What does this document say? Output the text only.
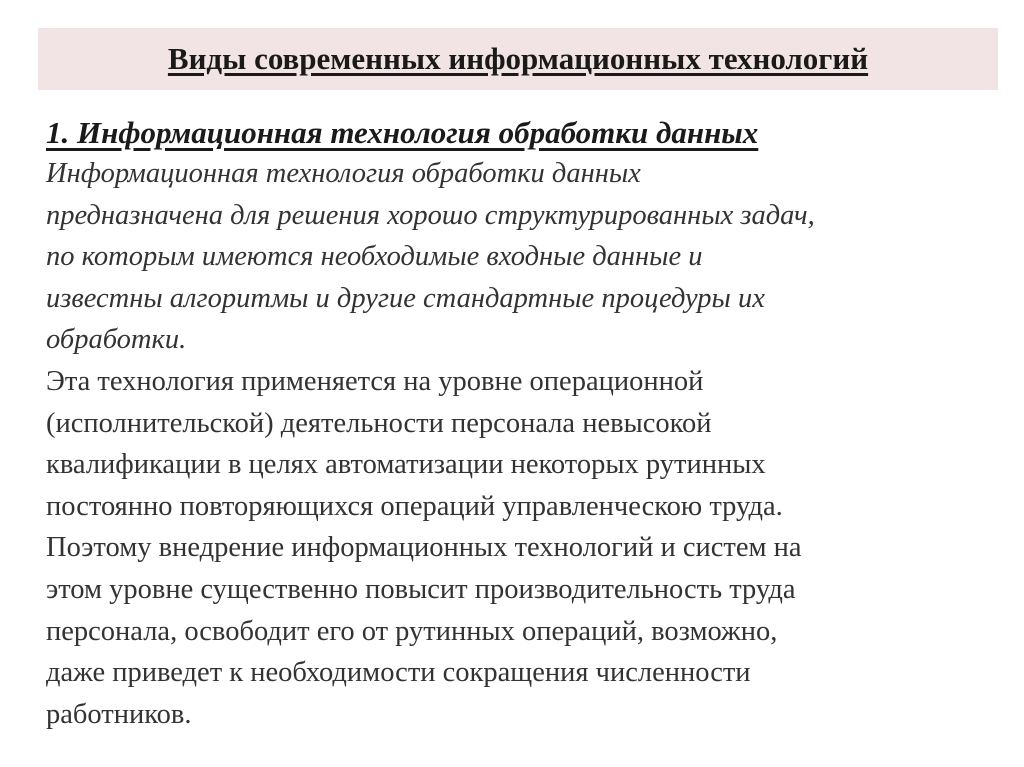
Виды современных информационных технологий
1. Информационная технология обработки данных
Информационная технология обработки данных
предназначена для решения хорошо структурированных задач,
по которым имеются необходимые входные данные и
известны алгоритмы и другие стандартные процедуры их
обработки.
Эта технология применяется на уровне операционной
(исполнительской) деятельности персонала невысокой
квалификации в целях автоматизации некоторых рутинных
постоянно повторяющихся операций управленческою труда.
Поэтому внедрение информационных технологий и систем на
этом уровне существенно повысит производительность труда
персонала, освободит его от рутинных операций, возможно,
даже приведет к необходимости сокращения численности
работников.
